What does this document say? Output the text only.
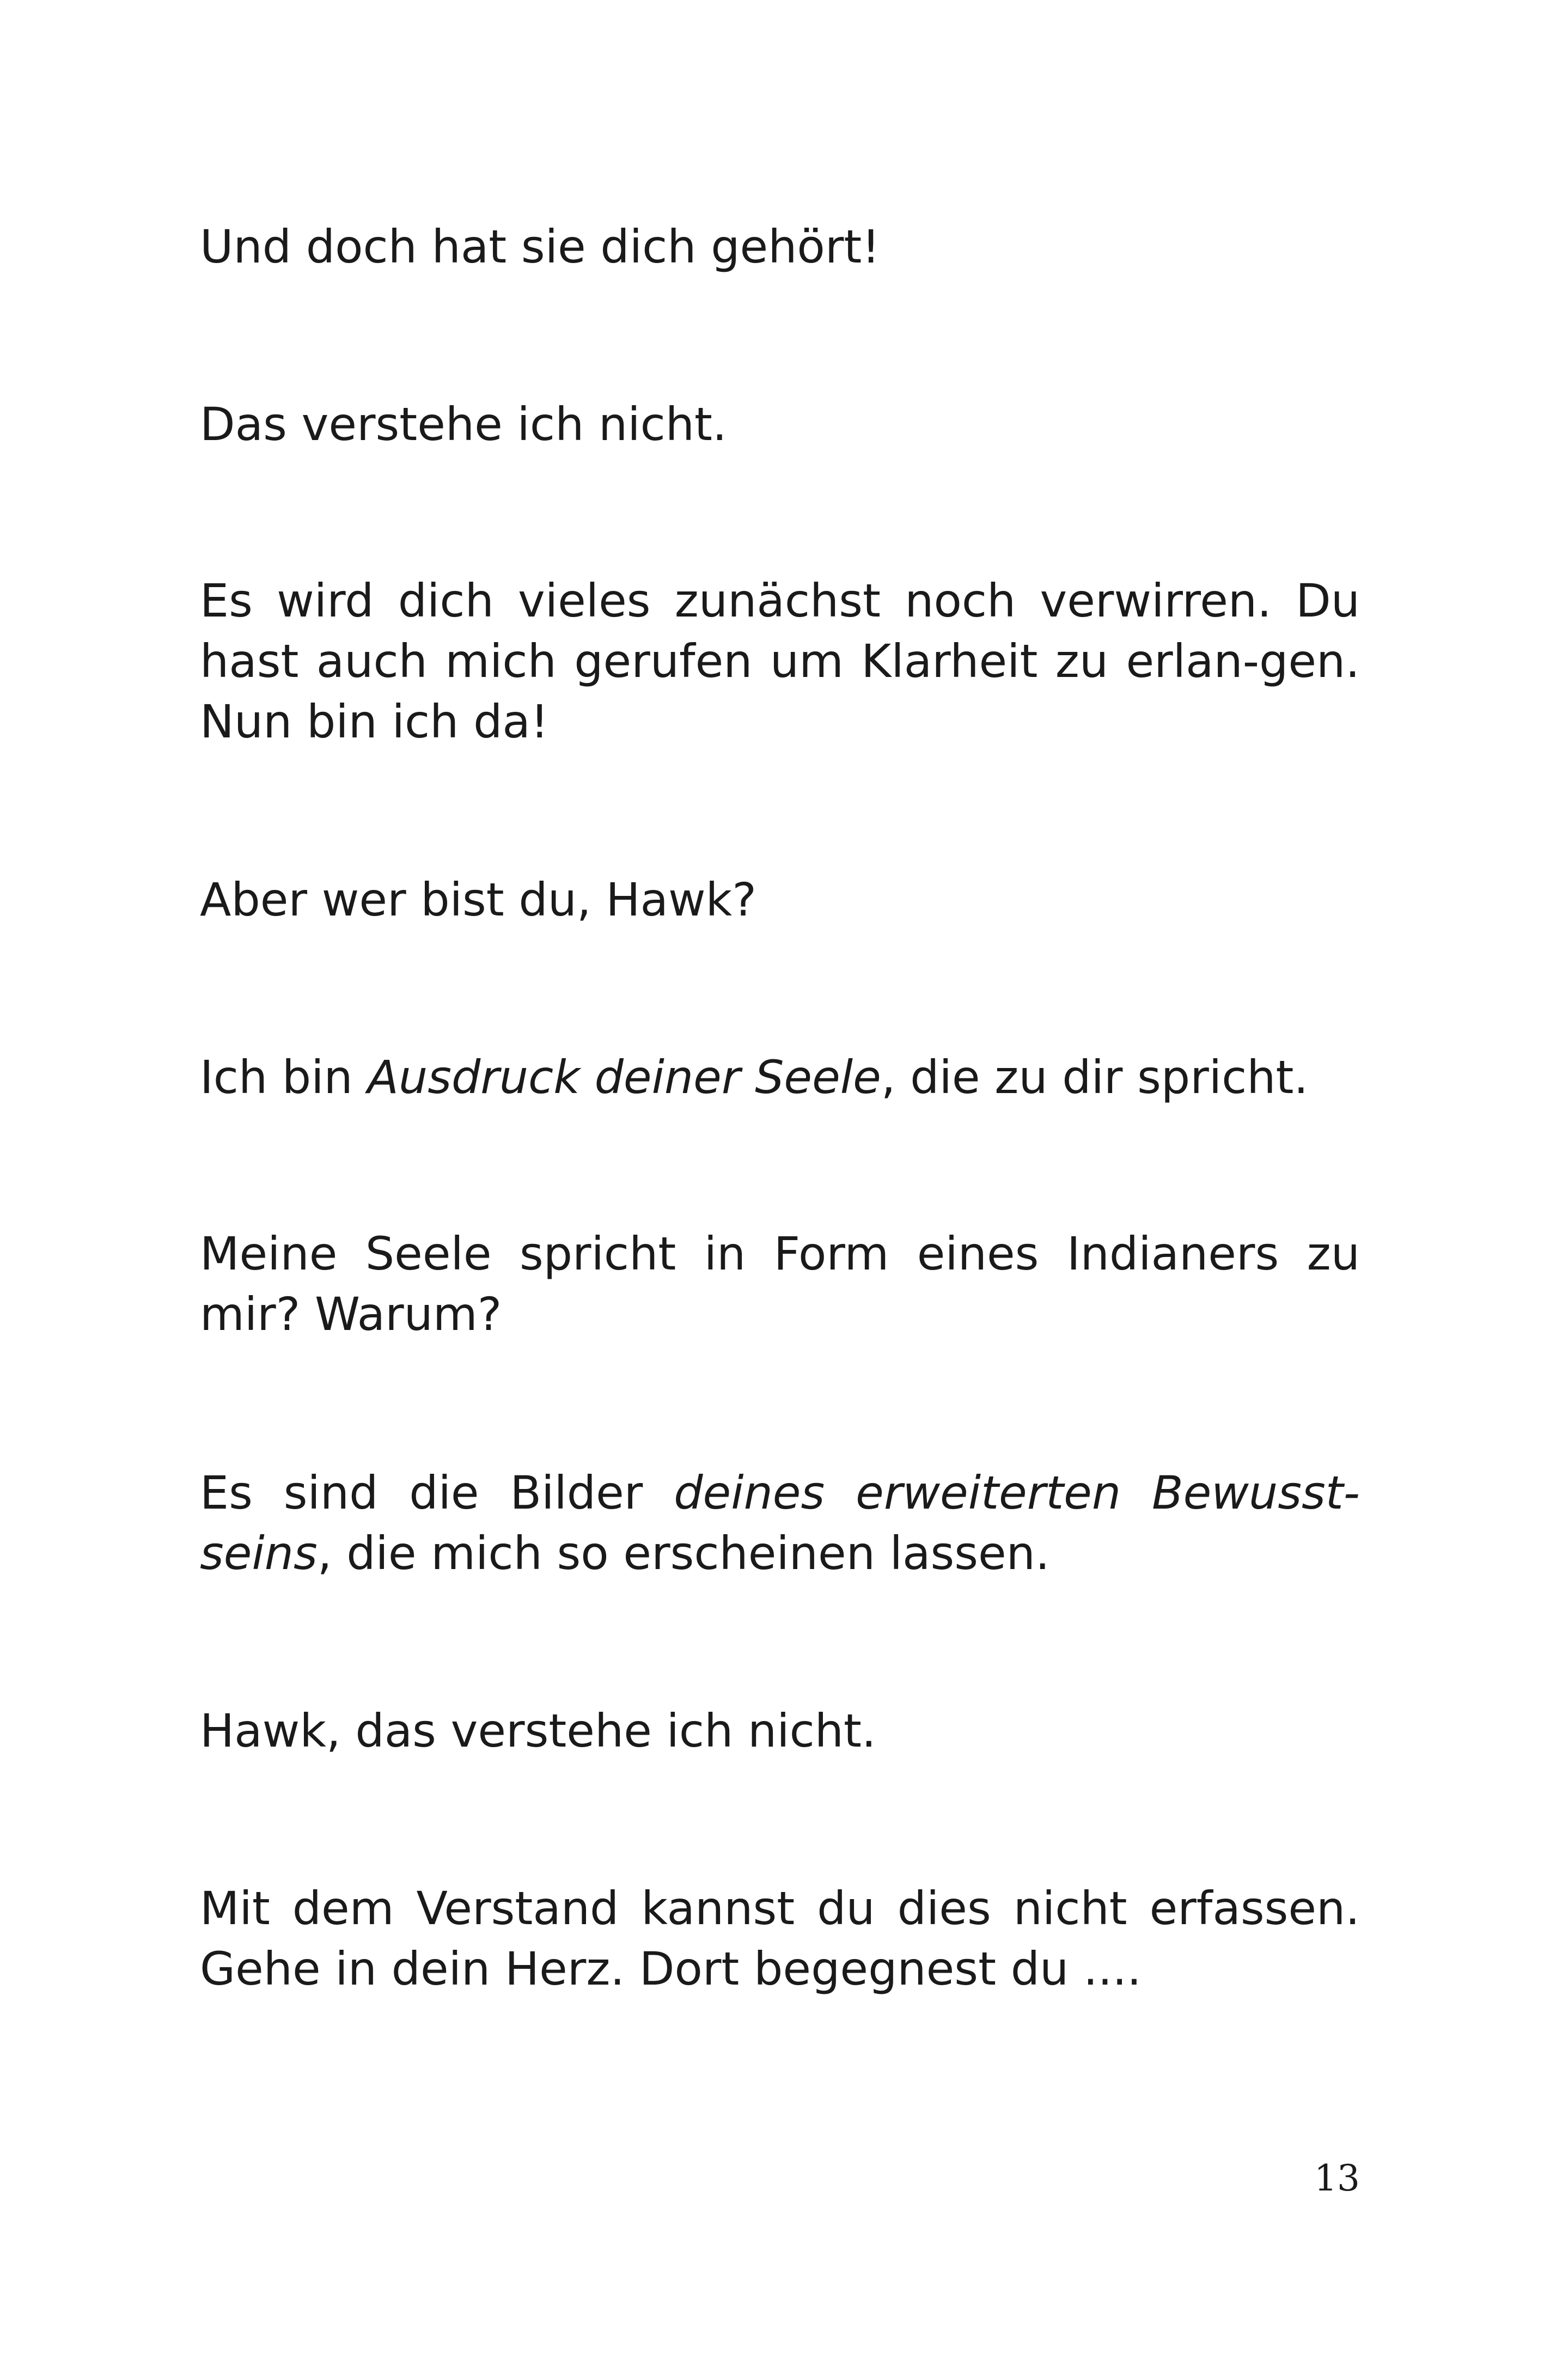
Und doch hat sie dich gehört!

Das verstehe ich nicht.

Es wird dich vieles zunächst noch verwirren. Du hast auch mich gerufen um Klarheit zu erlan-gen. Nun bin ich da!

Aber wer bist du, Hawk?

Ich bin Ausdruck deiner Seele, die zu dir spricht.

Meine Seele spricht in Form eines Indianers zu mir? Warum?

Es sind die Bilder deines erweiterten Bewusst-seins, die mich so erscheinen lassen.

Hawk, das verstehe ich nicht.

Mit dem Verstand kannst du dies nicht erfassen. Gehe in dein Herz. Dort begegnest du ....

13
